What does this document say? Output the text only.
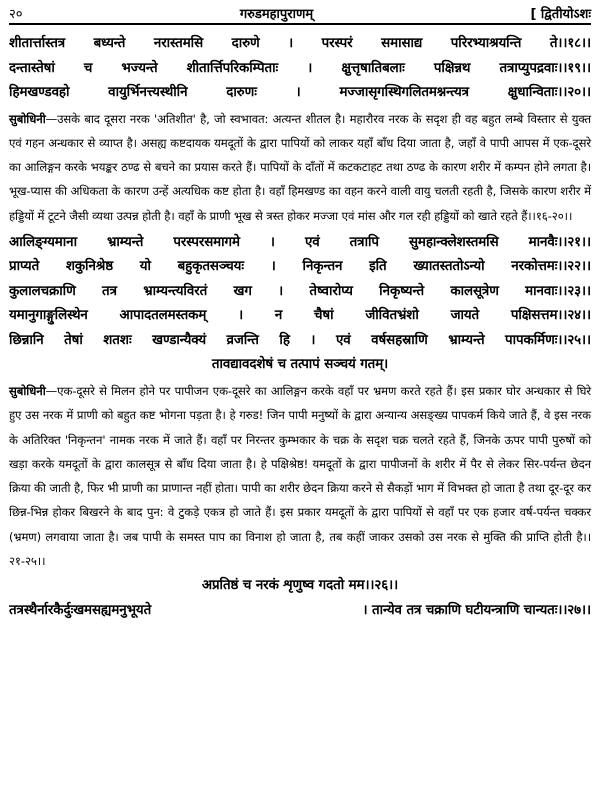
२०	गरुडमहापुराणम्	[ द्वितीयोऽशः
शीतार्त्तास्तत्र बध्यन्ते नरास्तमसि दारुणे । परस्परं समासाद्य परिरभ्याश्रयन्ति ते।।१८।।
दन्तास्तेषां च भज्यन्ते शीतार्त्तिपरिकम्पिताः । क्षुत्तृषातिबलाः पक्षिन्नथ तत्राप्युपद्रवाः।।१९।।
हिमखण्डवहो वायुर्भिनत्त्यस्थीनि दारुणः । मज्जासृगस्थिगलितमश्नन्त्यत्र क्षुधान्विताः।।२०।।
सुबोधिनी—उसके बाद दूसरा नरक 'अतिशीत' है, जो स्वभावत: अत्यन्त शीतल है। महारौरव नरक के सदृश ही वह बहुत लम्बे विस्तार से युक्त एवं गहन अन्धकार से व्याप्त है। असह्य कष्टदायक यमदूतों के द्वारा पापियों को लाकर यहाँ बाँध दिया जाता है, जहाँ वे पापी आपस में एक-दूसरे का आलिङ्गन करके भयङ्कर ठण्ढ से बचने का प्रयास करते हैं। पापियों के दाँतों में कटकटाहट तथा ठण्ढ के कारण शरीर में कम्पन होने लगता है। भूख-प्यास की अधिकता के कारण उन्हें अत्यधिक कष्ट होता है। वहाँ हिमखण्ड का वहन करने वाली वायु चलती रहती है, जिसके कारण शरीर में हड्डियों में टूटने जैसी व्यथा उत्पन्न होती है। वहाँ के प्राणी भूख से त्रस्त होकर मज्जा एवं मांस और गल रही हड्डियों को खाते रहते हैं।।१६-२०।।
आलिङ्ग्यमाना भ्राम्यन्ते परस्परसमागमे । एवं तत्रापि सुमहान्क्लेशस्तमसि मानवैः।।२१।।
प्राप्यते शकुनिश्रेष्ठ यो बहुकृतसञ्चयः । निकृन्तन इति ख्यातस्ततोऽन्यो नरकोत्तमः।।२२।।
कुलालचक्राणि तत्र भ्राम्यन्त्यविरतं खग । तेष्वारोप्य निकृष्यन्ते कालसूत्रेण मानवाः।।२३।।
यमानुगाङ्गुलिस्थेन आपादतलमस्तकम् । न चैषां जीवितभ्रंशो जायते पक्षिसत्तम।।२४।।
छिन्नानि तेषां शतशः खण्डान्यैक्यं व्रजन्ति हि । एवं वर्षसहस्राणि भ्राम्यन्ते पापकर्मिणः।।२५।।
तावद्यावदशेषं च तत्पापं सञ्चयं गतम्।
सुबोधिनी—एक-दूसरे से मिलन होने पर पापीजन एक-दूसरे का आलिङ्गन करके वहाँ पर भ्रमण करते रहते हैं। इस प्रकार घोर अन्धकार से घिरे हुए उस नरक में प्राणी को बहुत कष्ट भोगना पड़ता है। हे गरुड! जिन पापी मनुष्यों के द्वारा अन्यान्य असङ्ख्य पापकर्म किये जाते हैं, वे इस नरक के अतिरिक्त 'निकृन्तन' नामक नरक में जाते हैं। वहाँ पर निरन्तर कुम्भकार के चक्र के सदृश चक्र चलते रहते हैं, जिनके ऊपर पापी पुरुषों को खड़ा करके यमदूतों के द्वारा कालसूत्र से बाँध दिया जाता है। हे पक्षिश्रेष्ठ! यमदूतों के द्वारा पापीजनों के शरीर में पैर से लेकर सिर-पर्यन्त छेदन क्रिया की जाती है, फिर भी प्राणी का प्राणान्त नहीं होता। पापी का शरीर छेदन क्रिया करने से सैकड़ों भाग में विभक्त हो जाता है तथा दूर-दूर कर छिन्न-भिन्न होकर बिखरने के बाद पुन: वे टुकड़े एकत्र हो जाते हैं। इस प्रकार यमदूतों के द्वारा पापियों से वहाँ पर एक हजार वर्ष-पर्यन्त चक्कर (भ्रमण) लगवाया जाता है। जब पापी के समस्त पाप का विनाश हो जाता है, तब कहीं जाकर उसको उस नरक से मुक्ति की प्राप्ति होती है।।२१-२५।।
अप्रतिष्ठं च नरकं शृणुष्व गदतो मम।।२६।।
तत्रस्थैर्नारकैर्दुःखमसह्यमनुभूयते	। तान्येव तत्र चक्राणि घटीयन्त्राणि चान्यतः।।२७।।
